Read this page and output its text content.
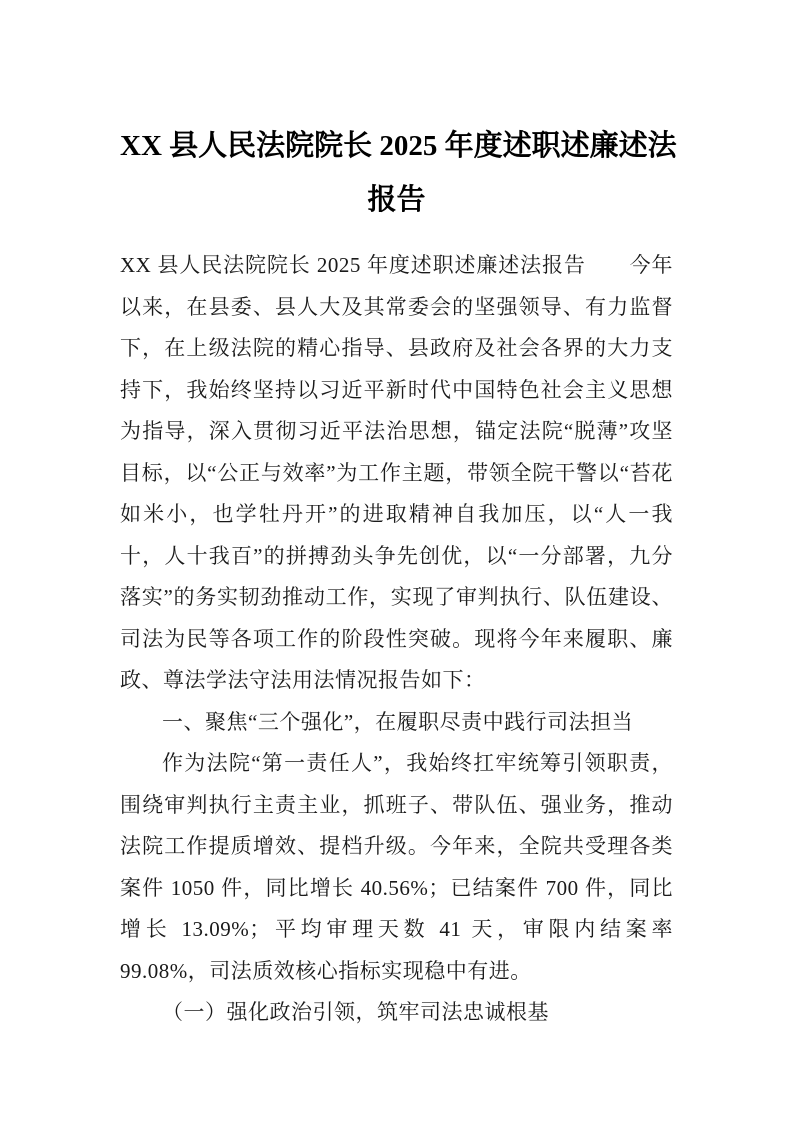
XX 县人民法院院长 2025 年度述职述廉述法
报告

XX 县人民法院院长 2025 年度述职述廉述法报告　　今年以来，在县委、县人大及其常委会的坚强领导、有力监督下，在上级法院的精心指导、县政府及社会各界的大力支持下，我始终坚持以习近平新时代中国特色社会主义思想为指导，深入贯彻习近平法治思想，锚定法院“脱薄”攻坚目标，以“公正与效率”为工作主题，带领全院干警以“苔花如米小，也学牡丹开”的进取精神自我加压，以“人一我十，人十我百”的拼搏劲头争先创优，以“一分部署，九分落实”的务实韧劲推动工作，实现了审判执行、队伍建设、司法为民等各项工作的阶段性突破。现将今年来履职、廉政、尊法学法守法用法情况报告如下：

一、聚焦“三个强化”，在履职尽责中践行司法担当

作为法院“第一责任人”，我始终扛牢统筹引领职责，围绕审判执行主责主业，抓班子、带队伍、强业务，推动法院工作提质增效、提档升级。今年来，全院共受理各类案件 1050 件，同比增长 40.56%；已结案件 700 件，同比增长 13.09%；平均审理天数 41 天，审限内结案率 99.08%，司法质效核心指标实现稳中有进。

（一）强化政治引领，筑牢司法忠诚根基
